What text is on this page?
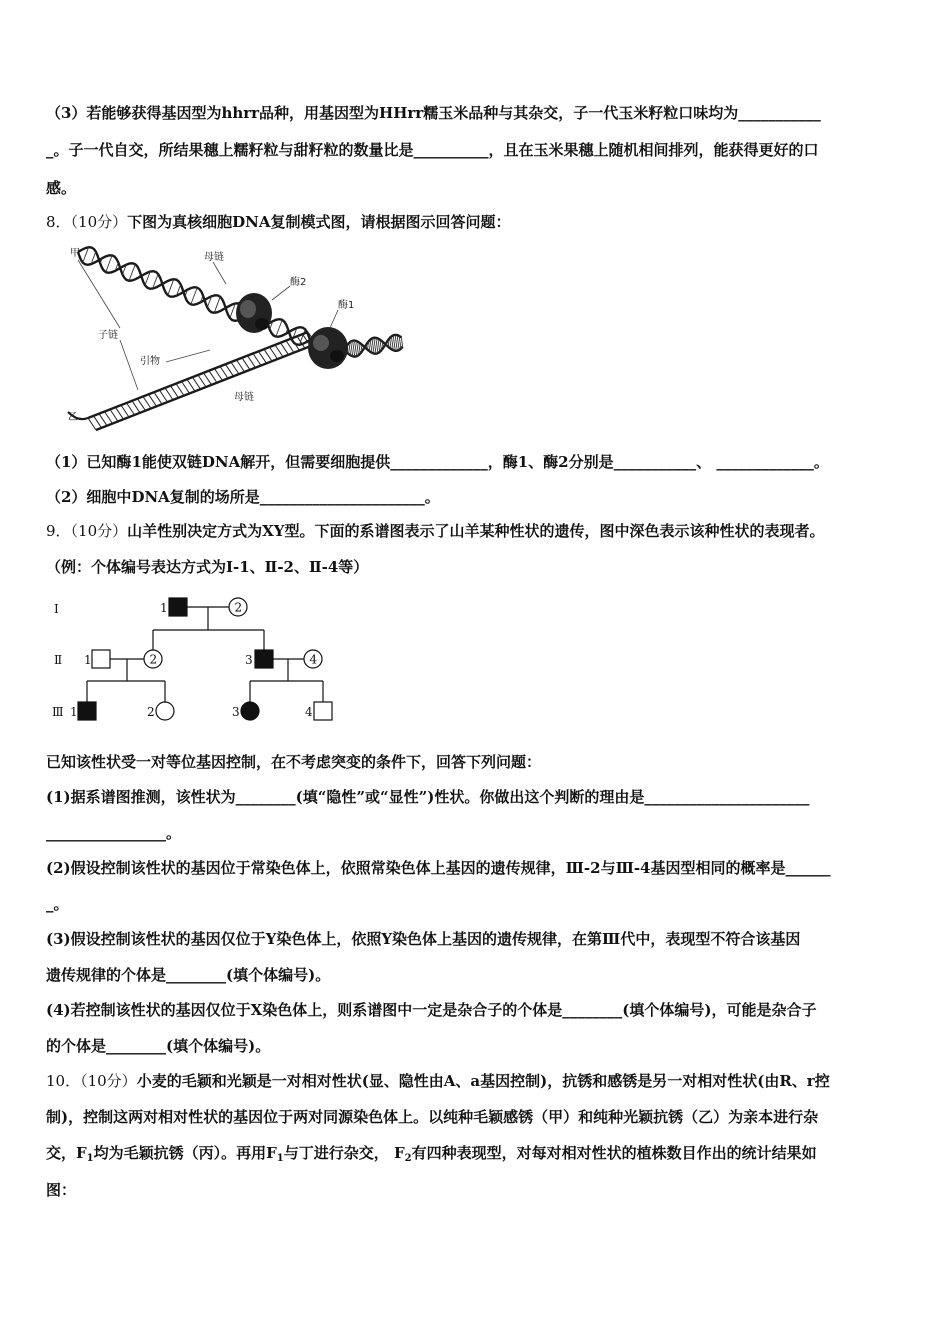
（3）若能够获得基因型为hhrr品种，用基因型为HHrr糯玉米品种与其杂交，子一代玉米籽粒口味均为___________

_。子一代自交，所结果穗上糯籽粒与甜籽粒的数量比是__________，且在玉米果穗上随机相间排列，能获得更好的口

感。

8．（10分）下图为真核细胞DNA复制模式图，请根据图示回答问题：

甲	母链
酶2
酶1
子链
引物
乙
母链

（1）已知酶1能使双链DNA解开，但需要细胞提供_____________，酶1、酶2分别是___________、 _____________。

（2）细胞中DNA复制的场所是______________________。

9．（10分）山羊性别决定方式为XY型。下面的系谱图表示了山羊某种性状的遗传，图中深色表示该种性状的表现者。

（例：个体编号表达方式为Ⅰ-1、Ⅱ-2、Ⅱ-4等）

Ⅰ
Ⅱ
Ⅲ
1	2
1	2	3	4
1	2	3	4

已知该性状受一对等位基因控制，在不考虑突变的条件下，回答下列问题：

(1)据系谱图推测，该性状为________(填“隐性”或“显性”)性状。你做出这个判断的理由是______________________

________________。

(2)假设控制该性状的基因位于常染色体上，依照常染色体上基因的遗传规律，Ⅲ-2与Ⅲ-4基因型相同的概率是______

_。

(3)假设控制该性状的基因仅位于Y染色体上，依照Y染色体上基因的遗传规律，在第Ⅲ代中，表现型不符合该基因

遗传规律的个体是________(填个体编号)。

(4)若控制该性状的基因仅位于X染色体上，则系谱图中一定是杂合子的个体是________(填个体编号)，可能是杂合子

的个体是________(填个体编号)。

10．（10分）小麦的毛颖和光颖是一对相对性状(显、隐性由A、a基因控制)，抗锈和感锈是另一对相对性状(由R、r控

制)，控制这两对相对性状的基因位于两对同源染色体上。以纯种毛颖感锈（甲）和纯种光颖抗锈（乙）为亲本进行杂

交，$F_1$均为毛颖抗锈（丙）。再用$F_1$与丁进行杂交， $F_2$有四种表现型，对每对相对性状的植株数目作出的统计结果如

图：
